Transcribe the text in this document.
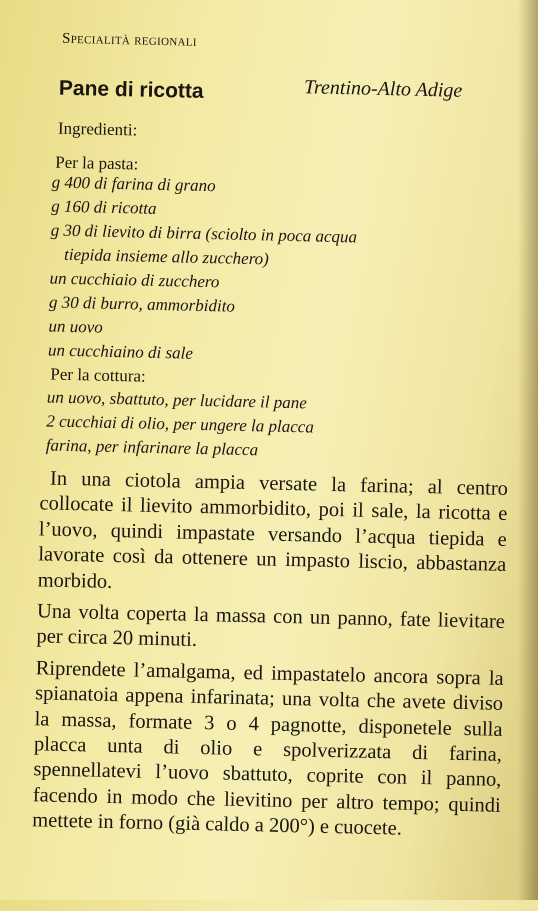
Specialità regionali
Pane di ricotta	Trentino-Alto Adige
Ingredienti:
Per la pasta:
g 400 di farina di grano
g 160 di ricotta
g 30 di lievito di birra (sciolto in poca acqua
tiepida insieme allo zucchero)
un cucchiaio di zucchero
g 30 di burro, ammorbidito
un uovo
un cucchiaino di sale
Per la cottura:
un uovo, sbattuto, per lucidare il pane
2 cucchiai di olio, per ungere la placca
farina, per infarinare la placca

In una ciotola ampia versate la farina; al centro collocate il lievito ammorbidito, poi il sale, la ricotta e l’uovo, quindi impastate versando l’acqua tiepida e lavorate così da ottenere un impasto liscio, abbastanza morbido.

Una volta coperta la massa con un panno, fate lievitare per circa 20 minuti.

Riprendete l’amalgama, ed impastatelo ancora sopra la spianatoia appena infarinata; una volta che avete diviso la massa, formate 3 o 4 pagnotte, disponetele sulla placca unta di olio e spolverizzata di farina, spennellatevi l’uovo sbattuto, coprite con il panno, facendo in modo che lievitino per altro tempo; quindi mettete in forno (già caldo a 200°) e cuocete.
